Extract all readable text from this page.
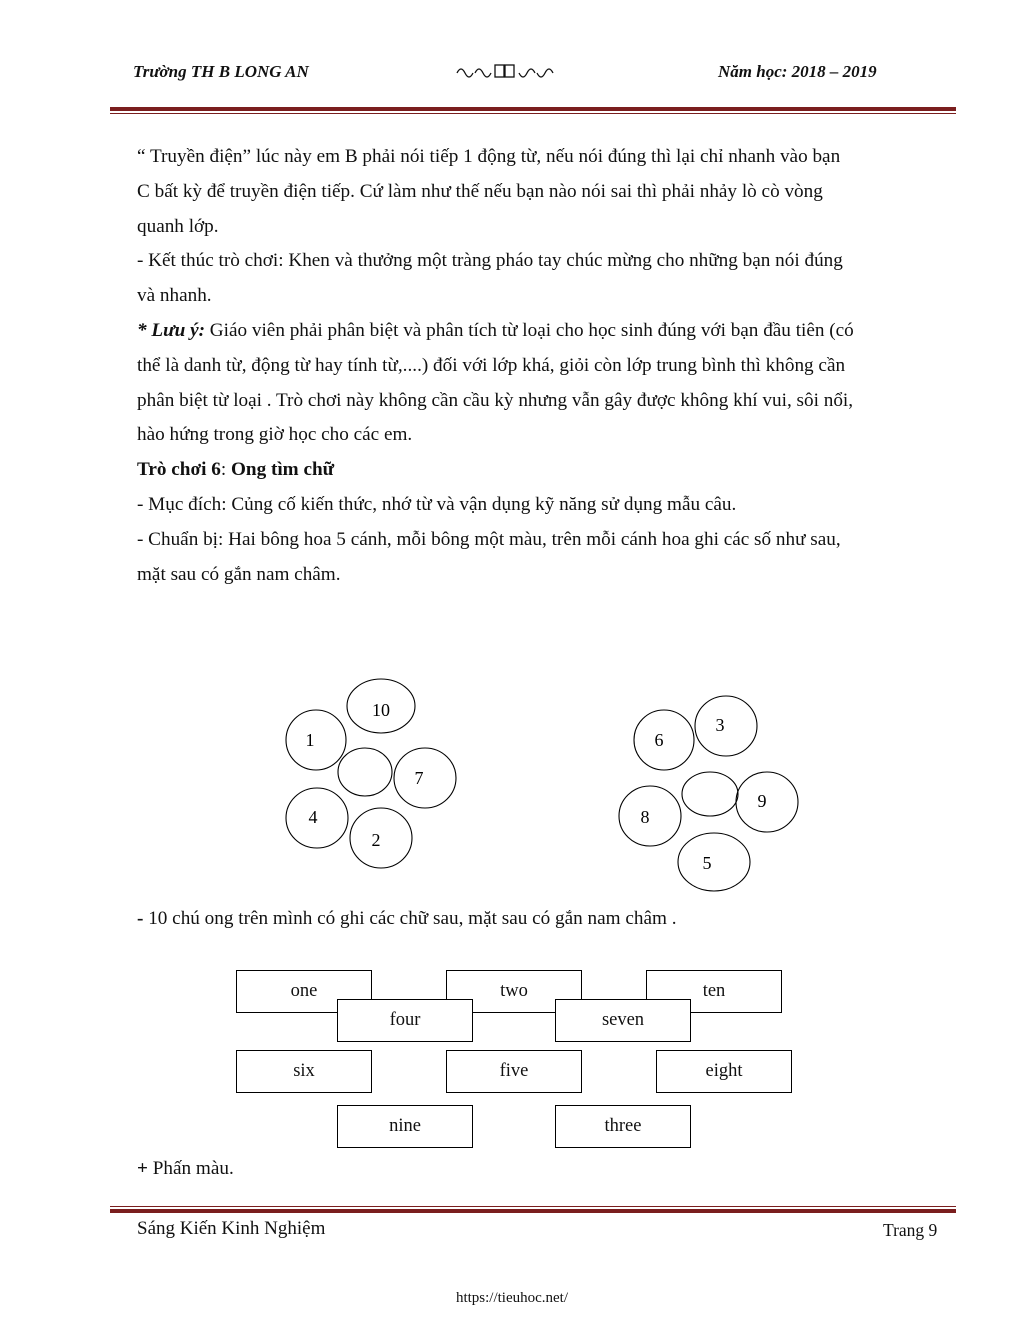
Trường TH B LONG AN	Năm học: 2018 – 2019

“ Truyền điện” lúc này em B phải nói tiếp 1 động từ, nếu nói đúng thì lại chỉ nhanh vào bạn

C bất kỳ để truyền điện tiếp. Cứ làm như thế nếu bạn nào nói sai thì phải nhảy lò cò vòng

quanh lớp.

- Kết thúc trò chơi: Khen và thưởng một tràng pháo tay chúc mừng cho những bạn nói đúng

và nhanh.

* Lưu ý: Giáo viên phải phân biệt và phân tích từ loại cho học sinh đúng với bạn đầu tiên (có

thể là danh từ, động từ hay tính từ,....) đối với lớp khá, giỏi còn lớp trung bình thì không cần

phân biệt từ loại . Trò chơi này không cần cầu kỳ nhưng vẫn gây được không khí vui, sôi nổi,

hào hứng trong giờ học cho các em.

Trò chơi 6: Ong tìm chữ

- Mục đích: Củng cố kiến thức, nhớ từ và vận dụng kỹ năng sử dụng mẫu câu.

- Chuẩn bị: Hai bông hoa 5 cánh, mỗi bông một màu, trên mỗi cánh hoa ghi các số như sau,

mặt sau có gắn nam châm.

10
1
7
4
2
3
6
9
8
5
- 10 chú ong trên mình có ghi các chữ sau, mặt sau có gắn nam châm .
one	two	ten
four	seven
six	five	eight
nine	three
+ Phấn màu.
Sáng Kiến Kinh Nghiệm	Trang 9
https://tieuhoc.net/
